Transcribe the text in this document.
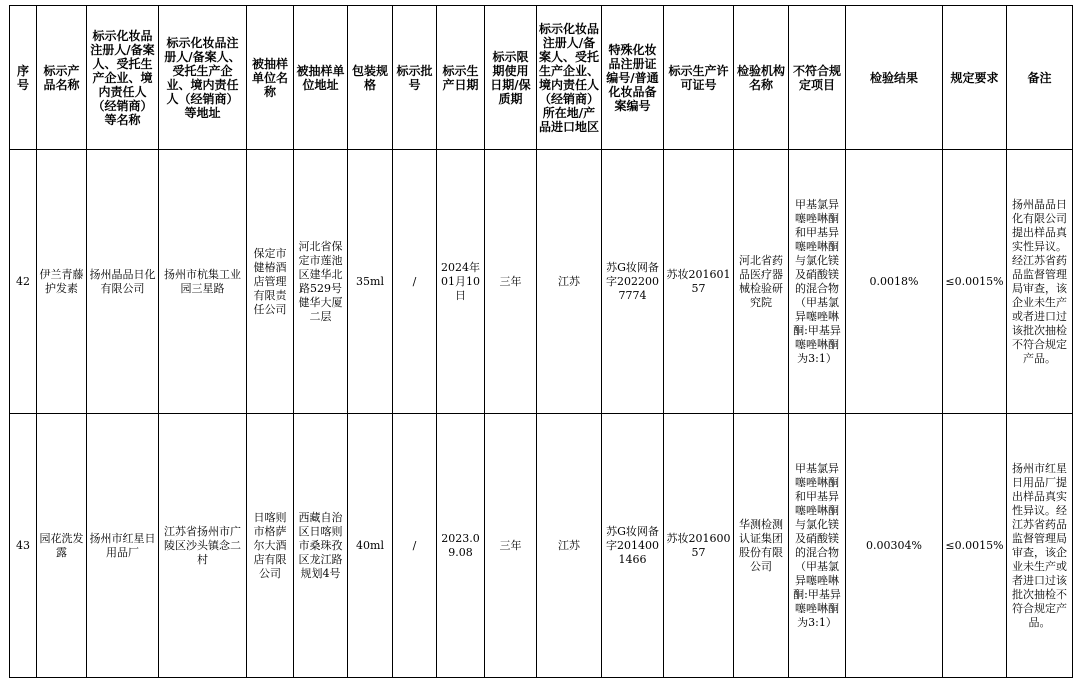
序号	标示产品名称	标示化妆品注册人/备案人、受托生产企业、境内责任人（经销商）等名称	标示化妆品注册人/备案人、受托生产企业、境内责任人（经销商）等地址	被抽样单位名称	被抽样单位地址	包装规格	标示批号	标示生产日期	标示限期使用日期/保质期	标示化妆品注册人/备案人、受托生产企业、境内责任人（经销商）所在地/产品进口地区	特殊化妆品注册证编号/普通化妆品备案编号	标示生产许可证号	检验机构名称	不符合规定项目	检验结果	规定要求	备注
42	伊兰青藤护发素	扬州晶品日化有限公司	扬州市杭集工业园三星路	保定市健椿酒店管理有限责任公司	河北省保定市莲池区建华北路529号健华大厦二层	35ml	/	2024年01月10日	三年	江苏	苏G妆网备字2022007774	苏妆20160157	河北省药品医疗器械检验研究院	甲基氯异噻唑啉酮和甲基异噻唑啉酮与氯化镁及硝酸镁的混合物（甲基氯异噻唑啉酮:甲基异噻唑啉酮为3:1）	0.0018%	≤0.0015%	扬州晶品日化有限公司提出样品真实性异议。经江苏省药品监督管理局审查，该企业未生产或者进口过该批次抽检不符合规定产品。
43	园花洗发露	扬州市红星日用品厂	江苏省扬州市广陵区沙头镇念二村	日喀则市格萨尔大酒店有限公司	西藏自治区日喀则市桑珠孜区龙江路规划4号	40ml	/	2023.09.08	三年	江苏	苏G妆网备字2014001466	苏妆20160057	华测检测认证集团股份有限公司	甲基氯异噻唑啉酮和甲基异噻唑啉酮与氯化镁及硝酸镁的混合物（甲基氯异噻唑啉酮:甲基异噻唑啉酮为3:1）	0.00304%	≤0.0015%	扬州市红星日用品厂提出样品真实性异议。经江苏省药品监督管理局审查，该企业未生产或者进口过该批次抽检不符合规定产品。
